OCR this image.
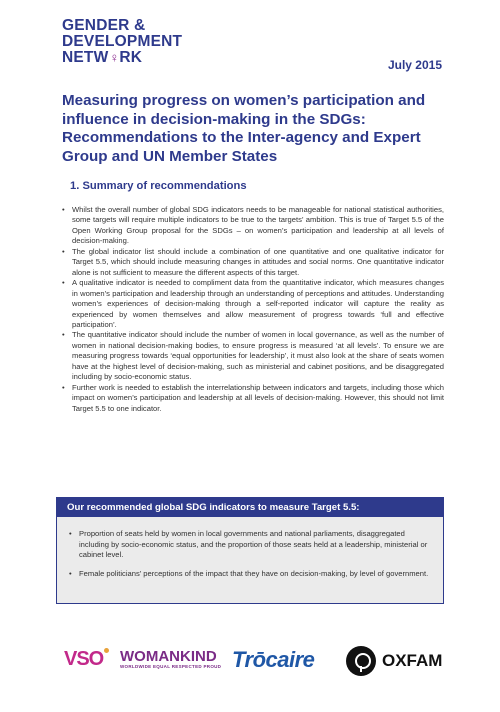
GENDER &
DEVELOPMENT
NETW♀RK	July 2015
Measuring progress on women’s participation and influence in decision-making in the SDGs: Recommendations to the Inter-agency and Expert Group and UN Member States
1. Summary of recommendations
• Whilst the overall number of global SDG indicators needs to be manageable for national statistical authorities, some targets will require multiple indicators to be true to the targets’ ambition. This is true of Target 5.5 of the Open Working Group proposal for the SDGs – on women’s participation and leadership at all levels of decision-making.
• The global indicator list should include a combination of one quantitative and one qualitative indicator for Target 5.5, which should include measuring changes in attitudes and social norms. One quantitative indicator alone is not sufficient to measure the different aspects of this target.
• A qualitative indicator is needed to compliment data from the quantitative indicator, which measures changes in women’s participation and leadership through an understanding of perceptions and attitudes. Understanding women’s experiences of decision-making through a self-reported indicator will capture the reality as experienced by women themselves and allow measurement of progress towards ‘full and effective participation’.
• The quantitative indicator should include the number of women in local governance, as well as the number of women in national decision-making bodies, to ensure progress is measured ‘at all levels’. To ensure we are measuring progress towards ‘equal opportunities for leadership’, it must also look at the share of seats women have at the highest level of decision-making, such as ministerial and cabinet positions, and be disaggregated including by socio-economic status.
• Further work is needed to establish the interrelationship between indicators and targets, including those which impact on women’s participation and leadership at all levels of decision-making. However, this should not limit Target 5.5 to one indicator.
Our recommended global SDG indicators to measure Target 5.5:
• Proportion of seats held by women in local governments and national parliaments, disaggregated including by socio-economic status, and the proportion of those seats held at a leadership, ministerial or cabinet level.
• Female politicians’ perceptions of the impact that they have on decision-making, by level of government.
VSO	WOMANKIND
WORLDWIDE EQUAL RESPECTED PROUD Trōcaire	OXFAM
